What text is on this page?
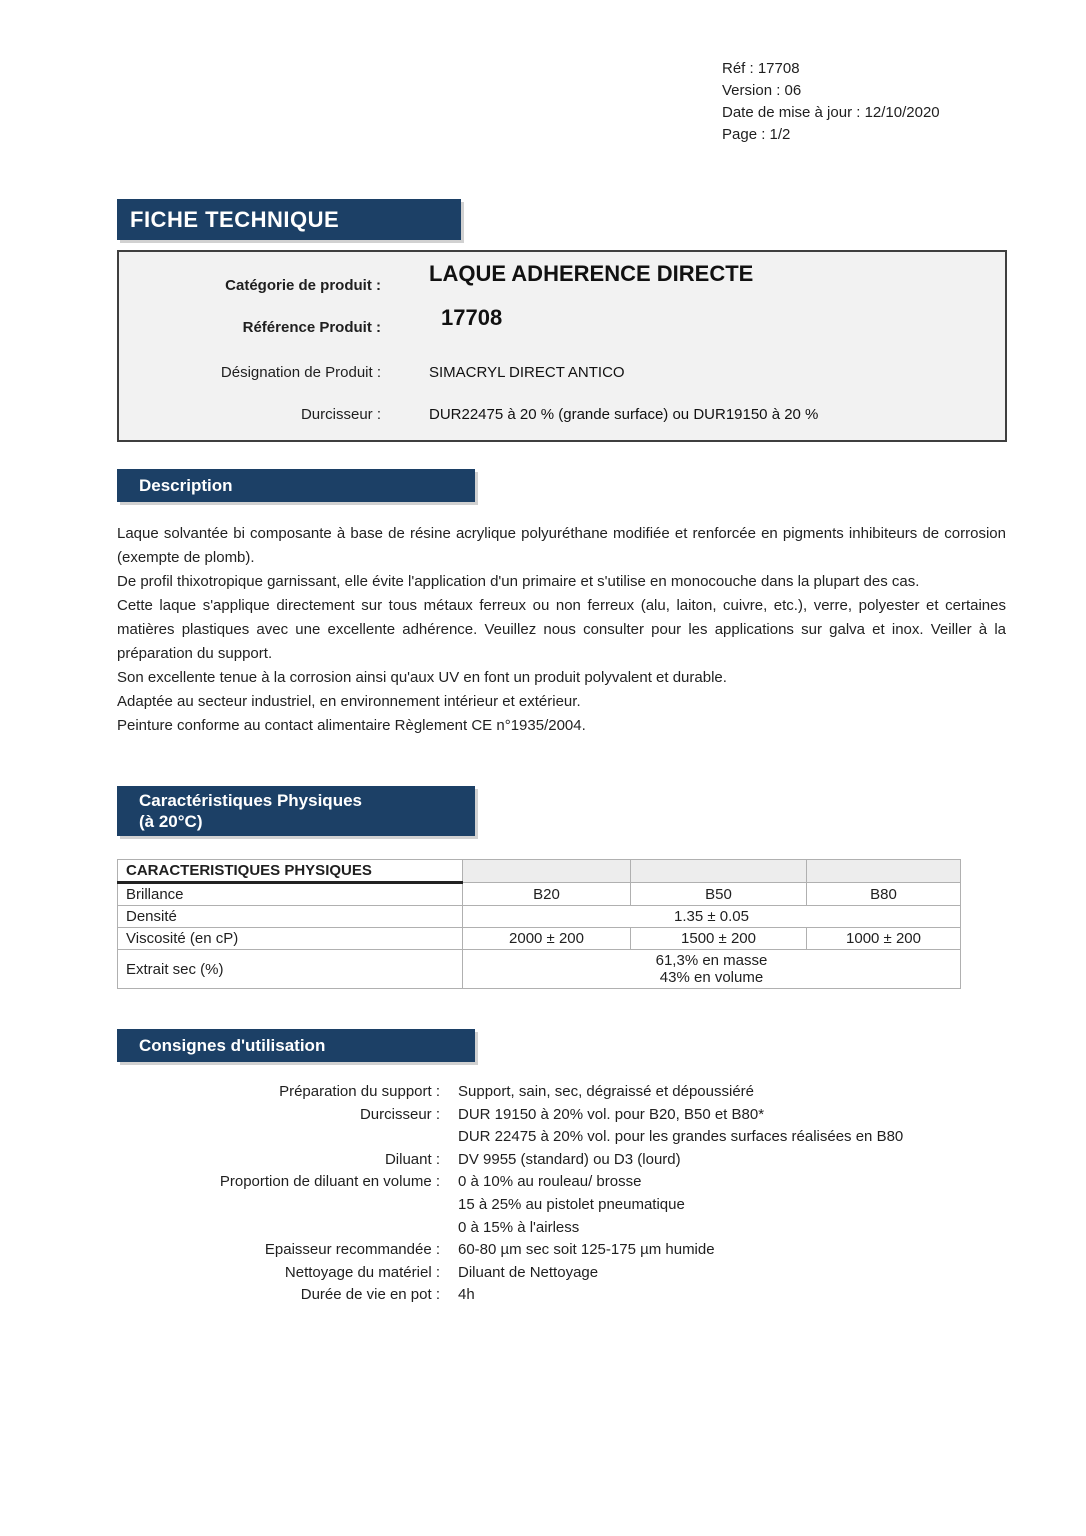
Réf : 17708
Version : 06
Date de mise à jour : 12/10/2020
Page : 1/2
FICHE TECHNIQUE
Catégorie de produit : LAQUE ADHERENCE DIRECTE
Référence Produit :	17708
Désignation de Produit :	SIMACRYL DIRECT ANTICO
Durcisseur :	DUR22475 à 20 % (grande surface) ou DUR19150 à 20 %
Description

Laque solvantée bi composante à base de résine acrylique polyuréthane modifiée et renforcée en pigments inhibiteurs de corrosion (exempte de plomb).

De profil thixotropique garnissant, elle évite l'application d'un primaire et s'utilise en monocouche dans la plupart des cas.

Cette laque s'applique directement sur tous métaux ferreux ou non ferreux (alu, laiton, cuivre, etc.), verre, polyester et certaines matières plastiques avec une excellente adhérence. Veuillez nous consulter pour les applications sur galva et inox. Veiller à la préparation du support.

Son excellente tenue à la corrosion ainsi qu'aux UV en font un produit polyvalent et durable.

Adaptée au secteur industriel, en environnement intérieur et extérieur.

Peinture conforme au contact alimentaire Règlement CE n°1935/2004.

Caractéristiques Physiques
(à 20°C)
CARACTERISTIQUES PHYSIQUES			
Brillance	B20	B50	B80
Densité	1.35 ± 0.05		
Viscosité (en cP)	2000 ± 200	1500 ± 200	1000 ± 200
Extrait sec (%)	61,3% en masse
43% en volume		
Consignes d'utilisation
Préparation du support : Support, sain, sec, dégraissé et dépoussiéré
Durcisseur : DUR 19150 à 20% vol. pour B20, B50 et B80*
DUR 22475 à 20% vol. pour les grandes surfaces réalisées en B80
Diluant : DV 9955 (standard) ou D3 (lourd)
Proportion de diluant en volume : 0 à 10% au rouleau/ brosse
15 à 25% au pistolet pneumatique
0 à 15% à l'airless
Epaisseur recommandée : 60-80 µm sec soit 125-175 µm humide
Nettoyage du matériel : Diluant de Nettoyage
Durée de vie en pot : 4h
